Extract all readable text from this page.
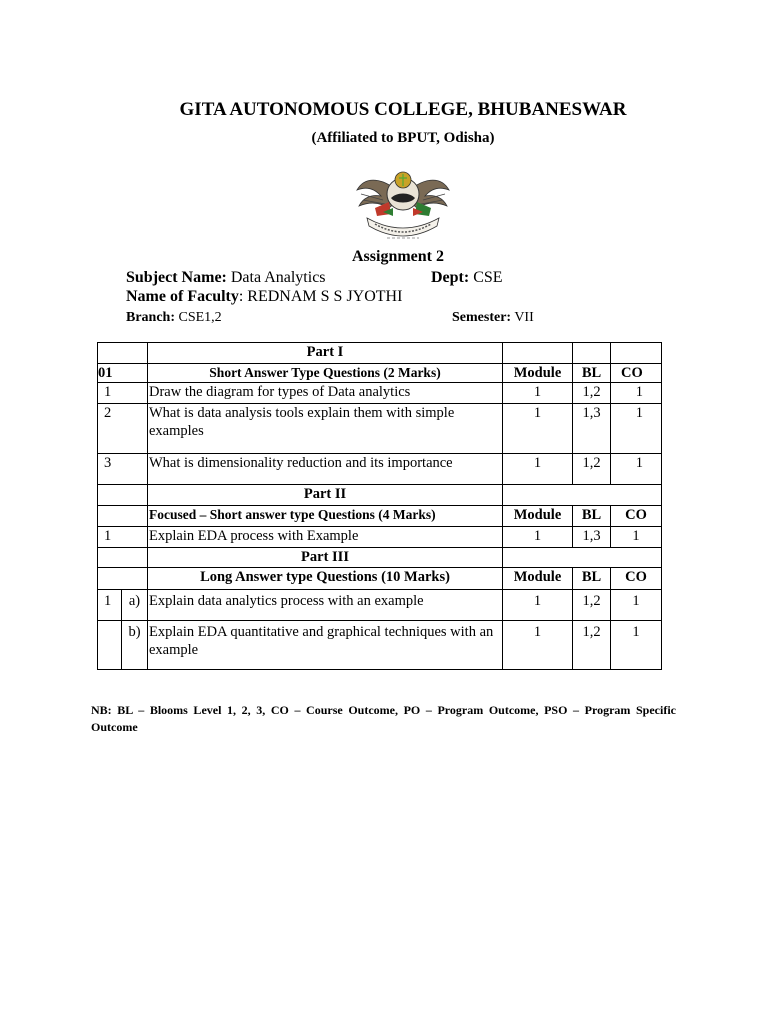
GITA AUTONOMOUS COLLEGE, BHUBANESWAR
(Affiliated to BPUT, Odisha)
Assignment 2
Subject Name: Data Analytics	Dept: CSE
Name of Faculty: REDNAM S S JYOTHI
Branch: CSE1,2	Semester: VII
		Part I			
01		Short Answer Type Questions (2 Marks)	Module	BL	CO
1		Draw the diagram for types of Data analytics	1	1,2	1
2		What is data analysis tools explain them with simple examples	1	1,3	1
3		What is dimensionality reduction and its importance	1	1,2	1
		Part II			
		Focused – Short answer type Questions (4 Marks)	Module	BL	CO
1		Explain EDA process with Example	1	1,3	1
		Part III			
		Long Answer type Questions (10 Marks)	Module	BL	CO
1	a)	Explain data analytics process with an example	1	1,2	1
	b)	Explain EDA quantitative and graphical techniques with an example	1	1,2	1
NB: BL – Blooms Level 1, 2, 3, CO – Course Outcome, PO – Program Outcome, PSO – Program Specific Outcome
